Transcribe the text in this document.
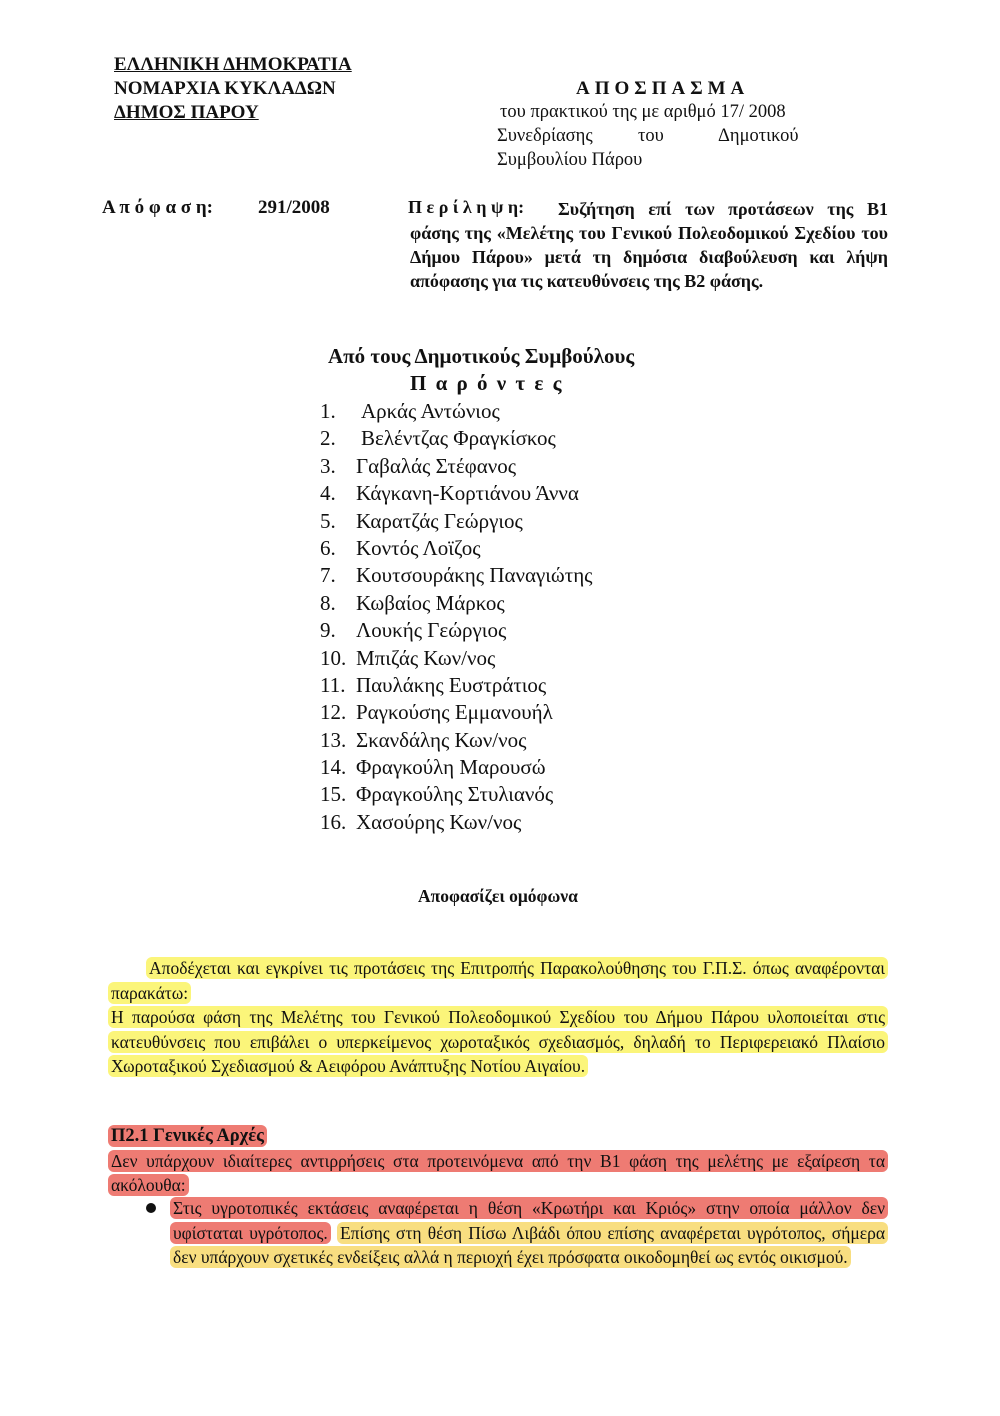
ΕΛΛΗΝΙΚΗ ΔΗΜΟΚΡΑΤΙΑ
ΝΟΜΑΡΧΙΑ ΚΥΚΛΑΔΩΝ
ΔΗΜΟΣ ΠΑΡΟΥ
ΑΠΟΣΠΑΣΜΑ
του πρακτικού της με αριθμό 17/ 2008
Συνεδρίασης του	Δημοτικού
Συμβουλίου Πάρου
Α π ό φ α σ η: 291/2008	Π ε ρ ί λ η ψ η:	Συζήτηση επί των προτάσεων της Β1 φάσης της «Μελέτης του Γενικού Πολεοδομικού Σχεδίου του Δήμου Πάρου» μετά τη δημόσια διαβούλευση και λήψη απόφασης για τις κατευθύνσεις της Β2 φάσης.
Από τους Δημοτικούς Συμβούλους
Π α ρ ό ν τ ε ς
1. Αρκάς Αντώνιος
2. Βελέντζας Φραγκίσκος
3. Γαβαλάς Στέφανος
4. Κάγκανη-Κορτιάνου Άννα
5. Καρατζάς Γεώργιος
6. Κοντός Λοϊζος
7. Κουτσουράκης Παναγιώτης
8. Κωβαίος Μάρκος
9. Λουκής Γεώργιος
10. Μπιζάς Κων/νος
11. Παυλάκης Ευστράτιος
12. Ραγκούσης Εμμανουήλ
13. Σκανδάλης Κων/νος
14. Φραγκούλη Μαρουσώ
15. Φραγκούλης Στυλιανός
16. Χασούρης Κων/νος
Αποφασίζει ομόφωνα
Αποδέχεται και εγκρίνει τις προτάσεις της Επιτροπής Παρακολούθησης του Γ.Π.Σ. όπως αναφέρονται παρακάτω:
Η παρούσα φάση της Μελέτης του Γενικού Πολεοδομικού Σχεδίου του Δήμου Πάρου υλοποιείται στις κατευθύνσεις που επιβάλει ο υπερκείμενος χωροταξικός σχεδιασμός, δηλαδή το Περιφερειακό Πλαίσιο Χωροταξικού Σχεδιασμού & Αειφόρου Ανάπτυξης Νοτίου Αιγαίου.
Π2.1 Γενικές Αρχές
Δεν υπάρχουν ιδιαίτερες αντιρρήσεις στα προτεινόμενα από την Β1 φάση της μελέτης με εξαίρεση τα ακόλουθα:
Στις υγροτοπικές εκτάσεις αναφέρεται η θέση «Κρωτήρι και Κριός» στην οποία μάλλον δεν υφίσταται υγρότοπος. Επίσης στη θέση Πίσω Λιβάδι όπου επίσης αναφέρεται υγρότοπος, σήμερα δεν υπάρχουν σχετικές ενδείξεις αλλά η περιοχή έχει πρόσφατα οικοδομηθεί ως εντός οικισμού.
